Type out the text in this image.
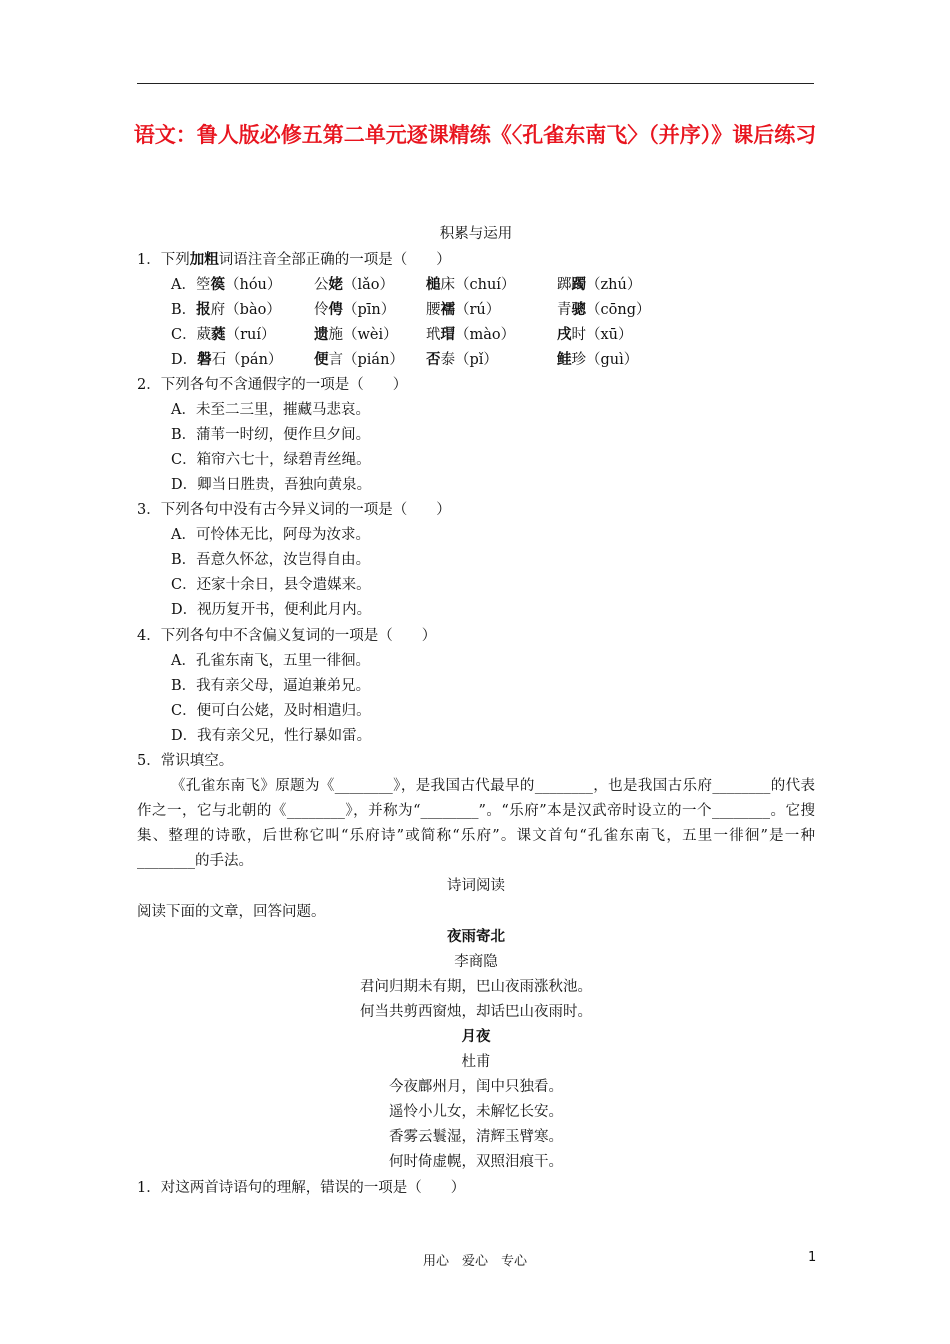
语文：鲁人版必修五第二单元逐课精练《〈孔雀东南飞〉（并序）》课后练习
积累与运用
1．下列加粗词语注音全部正确的一项是（　　）
A．箜篌（hóu）	公姥（lǎo）	槌床（chuí）	踯躅（zhú）
B．报府（bào）	伶俜（pīn）	腰襦（rú）	青骢（cōng）
C．葳蕤（ruí）	遗施（wèi）	玳瑁（mào）	戌时（xū）
D．磐石（pán）	便言（pián）	否泰（pǐ）	鲑珍（guì）
2．下列各句不含通假字的一项是（　　）
A．未至二三里，摧藏马悲哀。
B．蒲苇一时纫，便作旦夕间。
C．箱帘六七十，绿碧青丝绳。
D．卿当日胜贵，吾独向黄泉。
3．下列各句中没有古今异义词的一项是（　　）
A．可怜体无比，阿母为汝求。
B．吾意久怀忿，汝岂得自由。
C．还家十余日，县令遣媒来。
D．视历复开书，便利此月内。
4．下列各句中不含偏义复词的一项是（　　）
A．孔雀东南飞，五里一徘徊。
B．我有亲父母，逼迫兼弟兄。
C．便可白公姥，及时相遣归。
D．我有亲父兄，性行暴如雷。
5．常识填空。
《孔雀东南飞》原题为《________》，是我国古代最早的________，也是我国古乐府________的代表作之一，它与北朝的《________》，并称为“________”。“乐府”本是汉武帝时设立的一个________。它搜集、整理的诗歌，后世称它叫“乐府诗”或简称“乐府”。课文首句“孔雀东南飞，五里一徘徊”是一种________的手法。
诗词阅读
阅读下面的文章，回答问题。
夜雨寄北
李商隐
君问归期未有期，巴山夜雨涨秋池。
何当共剪西窗烛，却话巴山夜雨时。
月夜
杜甫
今夜鄜州月，闺中只独看。
遥怜小儿女，未解忆长安。
香雾云鬟湿，清辉玉臂寒。
何时倚虚幌，双照泪痕干。
1．对这两首诗语句的理解，错误的一项是（　　）
用心　爱心　专心	1
